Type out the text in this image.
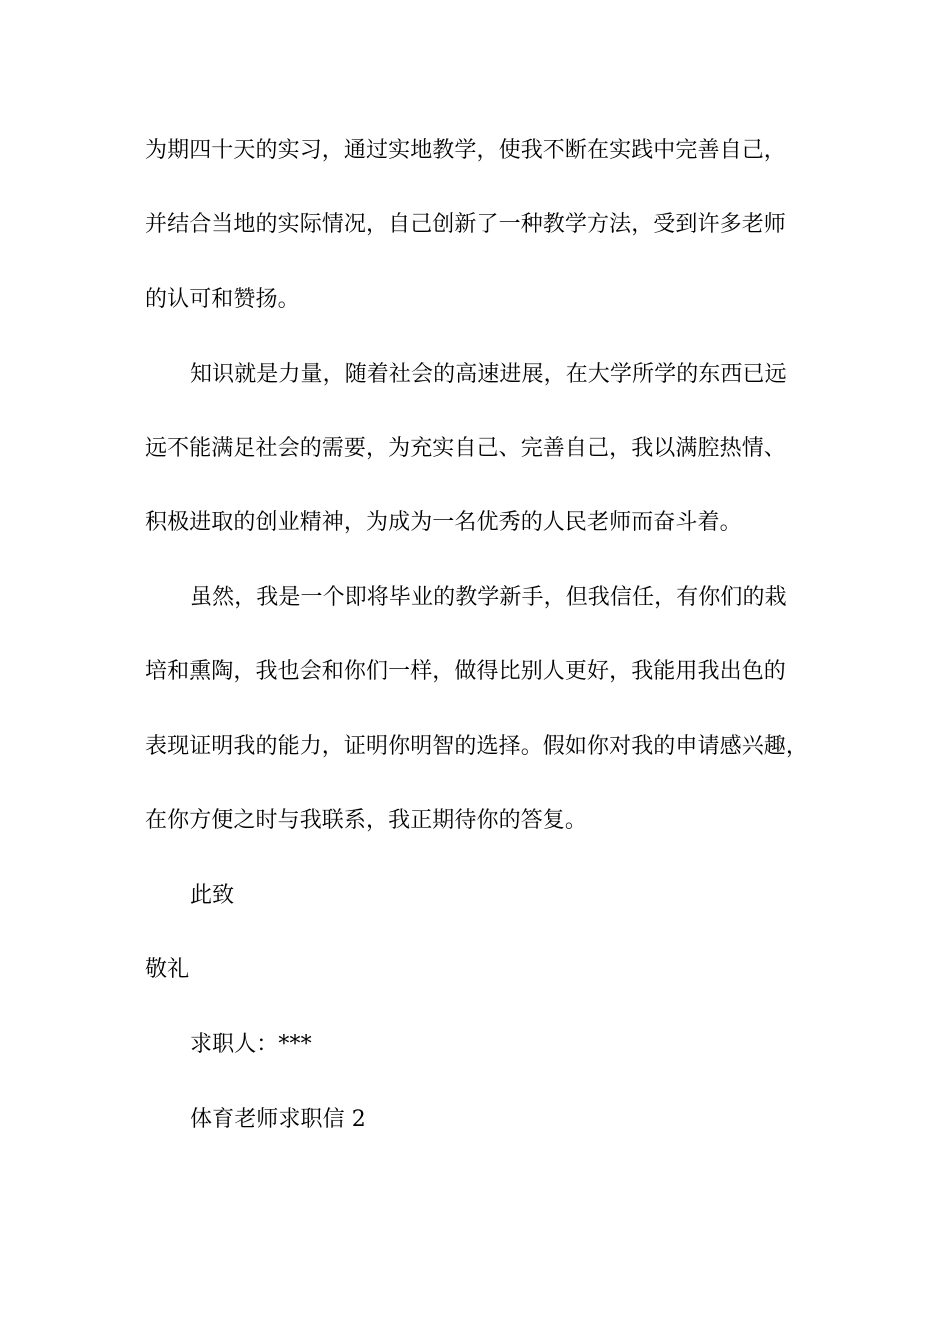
为期四十天的实习，通过实地教学，使我不断在实践中完善自己，
并结合当地的实际情况，自己创新了一种教学方法，受到许多老师
的认可和赞扬。
知识就是力量，随着社会的高速进展，在大学所学的东西已远
远不能满足社会的需要，为充实自己、完善自己，我以满腔热情、
积极进取的创业精神，为成为一名优秀的人民老师而奋斗着。
虽然，我是一个即将毕业的教学新手，但我信任，有你们的栽
培和熏陶，我也会和你们一样，做得比别人更好，我能用我出色的
表现证明我的能力，证明你明智的选择。假如你对我的申请感兴趣，
在你方便之时与我联系，我正期待你的答复。
此致
敬礼
求职人：***
体育老师求职信 2
